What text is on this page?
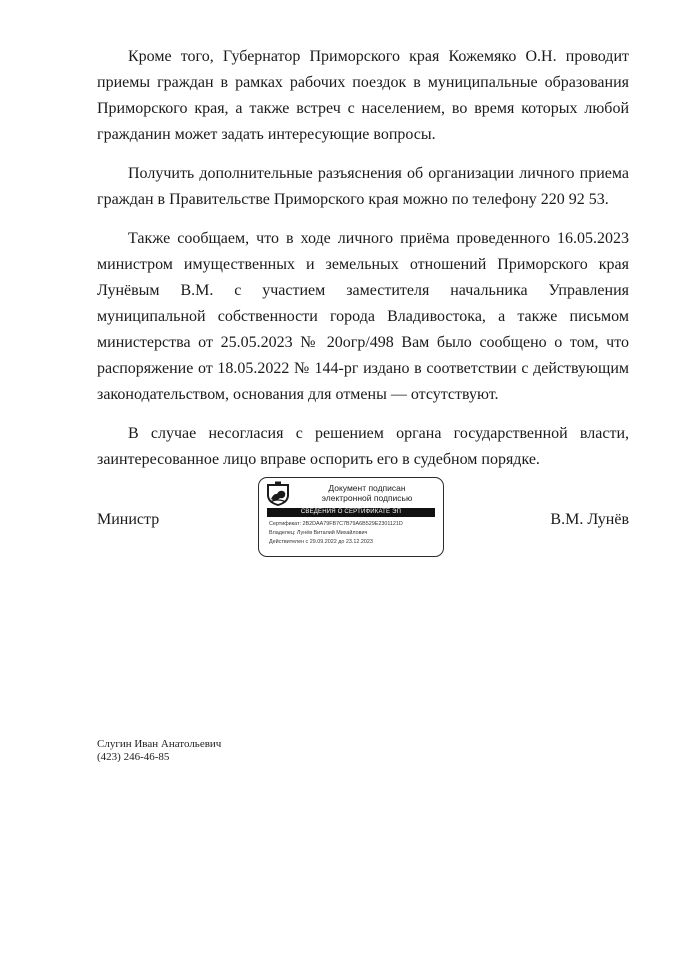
Кроме того, Губернатор Приморского края Кожемяко О.Н. проводит приемы граждан в рамках рабочих поездок в муниципальные образования Приморского края, а также встреч с населением, во время которых любой гражданин может задать интересующие вопросы.

Получить дополнительные разъяснения об организации личного приема граждан в Правительстве Приморского края можно по телефону 220 92 53.

Также сообщаем, что в ходе личного приёма проведенного 16.05.2023 министром имущественных и земельных отношений Приморского края Лунёвым В.М. с участием заместителя начальника Управления муниципальной собственности города Владивостока, а также письмом министерства от 25.05.2023 № 20огр/498 Вам было сообщено о том, что распоряжение от 18.05.2022 № 144-рг издано в соответствии с действующим законодательством, основания для отмены — отсутствуют.

В случае несогласия с решением органа государственной власти, заинтересованное лицо вправе оспорить его в судебном порядке.

Министр	В.М. Лунёв
Документ подписан
электронной подписью
СВЕДЕНИЯ О СЕРТИФИКАТЕ ЭП
Сертификат: 2B2DAA79FB7C7B79A6B529E2301121D
Владелец: Лунёв Виталий Михайлович
Действителен с 29.09.2022 до 23.12.2023
Слугин Иван Анатольевич
(423) 246-46-85
